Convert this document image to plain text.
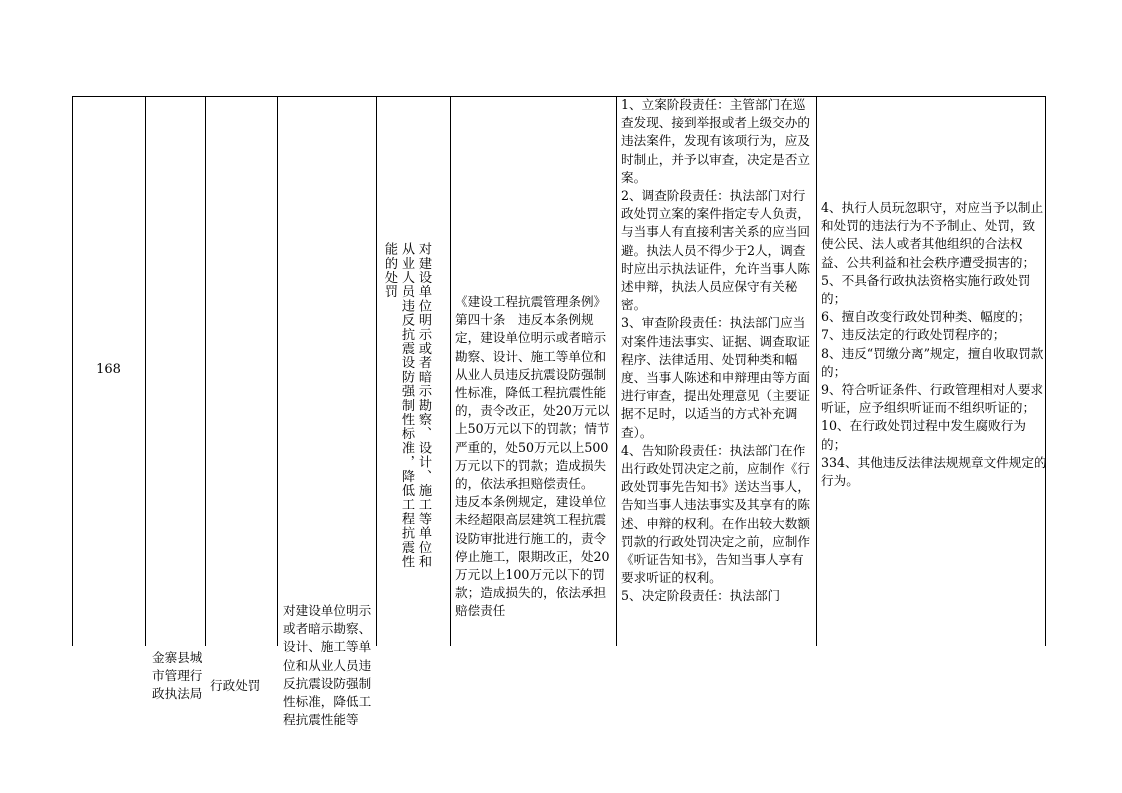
168
金寨县城市管理行政执法局
行政处罚
对建设单位明示或者暗示勘察、设计、施工等单位和从业人员违反抗震设防强制性标准，降低工程抗震性能等
对建设单位明示或者暗示勘察、设计、施工等单位和从业人员违反抗震设防强制性标准，降低工程抗震性能的处罚
《建设工程抗震管理条例》第四十条　违反本条例规定，建设单位明示或者暗示勘察、设计、施工等单位和从业人员违反抗震设防强制性标准，降低工程抗震性能的，责令改正，处20万元以上50万元以下的罚款；情节严重的，处50万元以上500万元以下的罚款；造成损失的，依法承担赔偿责任。
违反本条例规定，建设单位未经超限高层建筑工程抗震设防审批进行施工的，责令停止施工，限期改正，处20万元以上100万元以下的罚款；造成损失的，依法承担赔偿责任
1、立案阶段责任：主管部门在巡查发现、接到举报或者上级交办的违法案件，发现有该项行为，应及时制止，并予以审查，决定是否立案。
2、调查阶段责任：执法部门对行政处罚立案的案件指定专人负责，与当事人有直接利害关系的应当回避。执法人员不得少于2人，调查时应出示执法证件，允许当事人陈述申辩，执法人员应保守有关秘密。
3、审查阶段责任：执法部门应当对案件违法事实、证据、调查取证程序、法律适用、处罚种类和幅度、当事人陈述和申辩理由等方面进行审查，提出处理意见（主要证据不足时，以适当的方式补充调查）。
4、告知阶段责任：执法部门在作出行政处罚决定之前，应制作《行政处罚事先告知书》送达当事人，告知当事人违法事实及其享有的陈述、申辩的权利。在作出较大数额罚款的行政处罚决定之前，应制作《听证告知书》，告知当事人享有要求听证的权利。
5、决定阶段责任：执法部门
4、执行人员玩忽职守，对应当予以制止和处罚的违法行为不予制止、处罚，致使公民、法人或者其他组织的合法权益、公共利益和社会秩序遭受损害的；
5、不具备行政执法资格实施行政处罚的；
6、擅自改变行政处罚种类、幅度的；
7、违反法定的行政处罚程序的；
8、违反“罚缴分离”规定，擅自收取罚款的；
9、符合听证条件、行政管理相对人要求听证，应予组织听证而不组织听证的；
10、在行政处罚过程中发生腐败行为的；
334、其他违反法律法规规章文件规定的行为。
